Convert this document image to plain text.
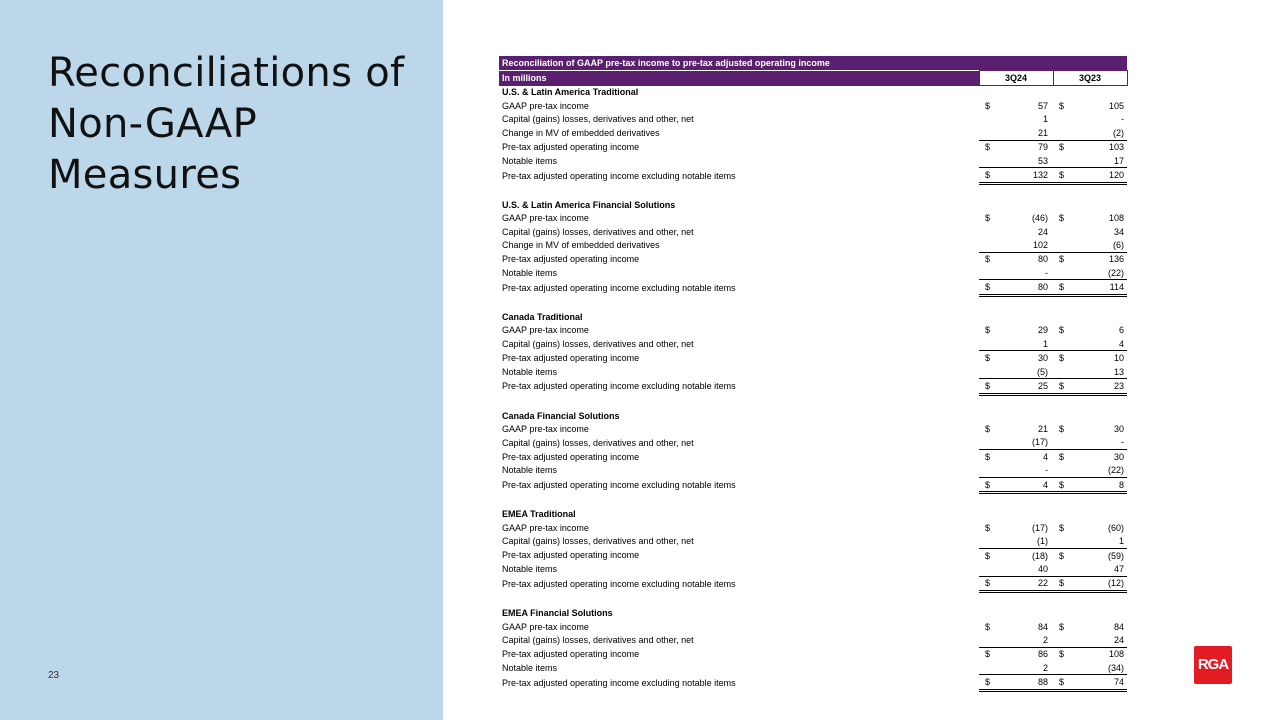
Reconciliations of Non-GAAP Measures
23
Reconciliation of GAAP pre-tax income to pre-tax adjusted operating income				
In millions	3Q24		3Q23	
U.S. & Latin America Traditional				
GAAP pre-tax income	$	57	$	105
Capital (gains) losses, derivatives and other, net		1		-
Change in MV of embedded derivatives		21		(2)
Pre-tax adjusted operating income	$	79	$	103
Notable items		53		17
Pre-tax adjusted operating income excluding notable items	$	132	$	120

U.S. & Latin America Financial Solutions				
GAAP pre-tax income	$	(46)	$	108
Capital (gains) losses, derivatives and other, net		24		34
Change in MV of embedded derivatives		102		(6)
Pre-tax adjusted operating income	$	80	$	136
Notable items		-		(22)
Pre-tax adjusted operating income excluding notable items	$	80	$	114

Canada Traditional				
GAAP pre-tax income	$	29	$	6
Capital (gains) losses, derivatives and other, net		1		4
Pre-tax adjusted operating income	$	30	$	10
Notable items		(5)		13
Pre-tax adjusted operating income excluding notable items	$	25	$	23

Canada Financial Solutions				
GAAP pre-tax income	$	21	$	30
Capital (gains) losses, derivatives and other, net		(17)		-
Pre-tax adjusted operating income	$	4	$	30
Notable items		-		(22)
Pre-tax adjusted operating income excluding notable items	$	4	$	8

EMEA Traditional				
GAAP pre-tax income	$	(17)	$	(60)
Capital (gains) losses, derivatives and other, net		(1)		1
Pre-tax adjusted operating income	$	(18)	$	(59)
Notable items		40		47
Pre-tax adjusted operating income excluding notable items	$	22	$	(12)

EMEA Financial Solutions				
GAAP pre-tax income	$	84	$	84
Capital (gains) losses, derivatives and other, net		2		24
Pre-tax adjusted operating income	$	86	$	108
Notable items		2		(34)
Pre-tax adjusted operating income excluding notable items	$	88	$	74
RGA
